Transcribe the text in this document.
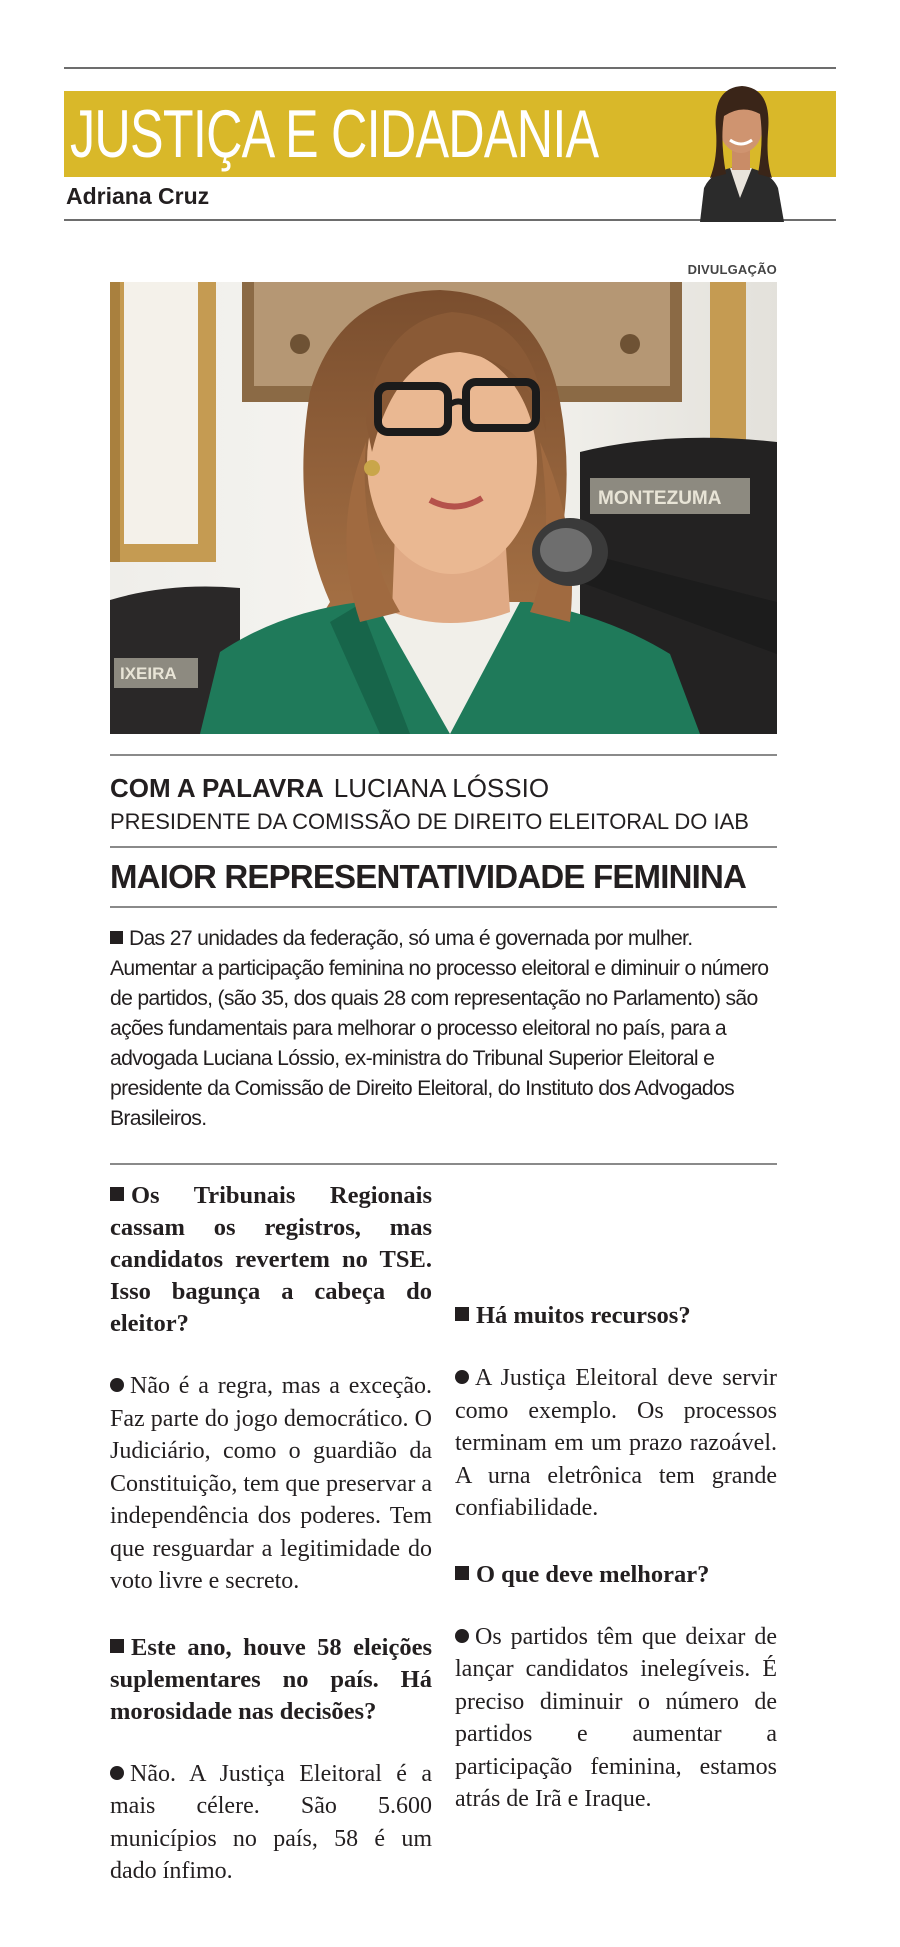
JUSTIÇA E CIDADANIA
Adriana Cruz
DIVULGAÇÃO
IXEIRA
MONTEZUMA
COM A PALAVRA LUCIANA LÓSSIO
PRESIDENTE DA COMISSÃO DE DIREITO ELEITORAL DO IAB
MAIOR REPRESENTATIVIDADE FEMININA
Das 27 unidades da federação, só uma é governada por mulher. Aumentar a participação feminina no processo eleitoral e diminuir o número de partidos, (são 35, dos quais 28 com representação no Parlamento) são ações fundamentais para melhorar o processo eleitoral no país, para a advogada Luciana Lóssio, ex-ministra do Tribunal Superior Eleitoral e presidente da Comissão de Direito Eleitoral, do Instituto dos Advogados Brasileiros.

Os Tribunais Regionais cassam os registros, mas candidatos revertem no TSE. Isso bagunça a cabeça do eleitor?

Não é a regra, mas a exceção. Faz parte do jogo democrático. O Judiciário, como o guardião da Constituição, tem que preservar a independência dos poderes. Tem que resguardar a legitimidade do voto livre e secreto.

Este ano, houve 58 eleições suplementares no país. Há morosidade nas decisões?

Não. A Justiça Eleitoral é a mais célere. São 5.600 municípios no país, 58 é um dado ínfimo.

Há muitos recursos?

A Justiça Eleitoral deve servir como exemplo. Os processos terminam em um prazo razoável. A urna eletrônica tem grande confiabilidade.

O que deve melhorar?

Os partidos têm que deixar de lançar candidatos inelegíveis. É preciso diminuir o número de partidos e aumentar a participação feminina, estamos atrás de Irã e Iraque.
